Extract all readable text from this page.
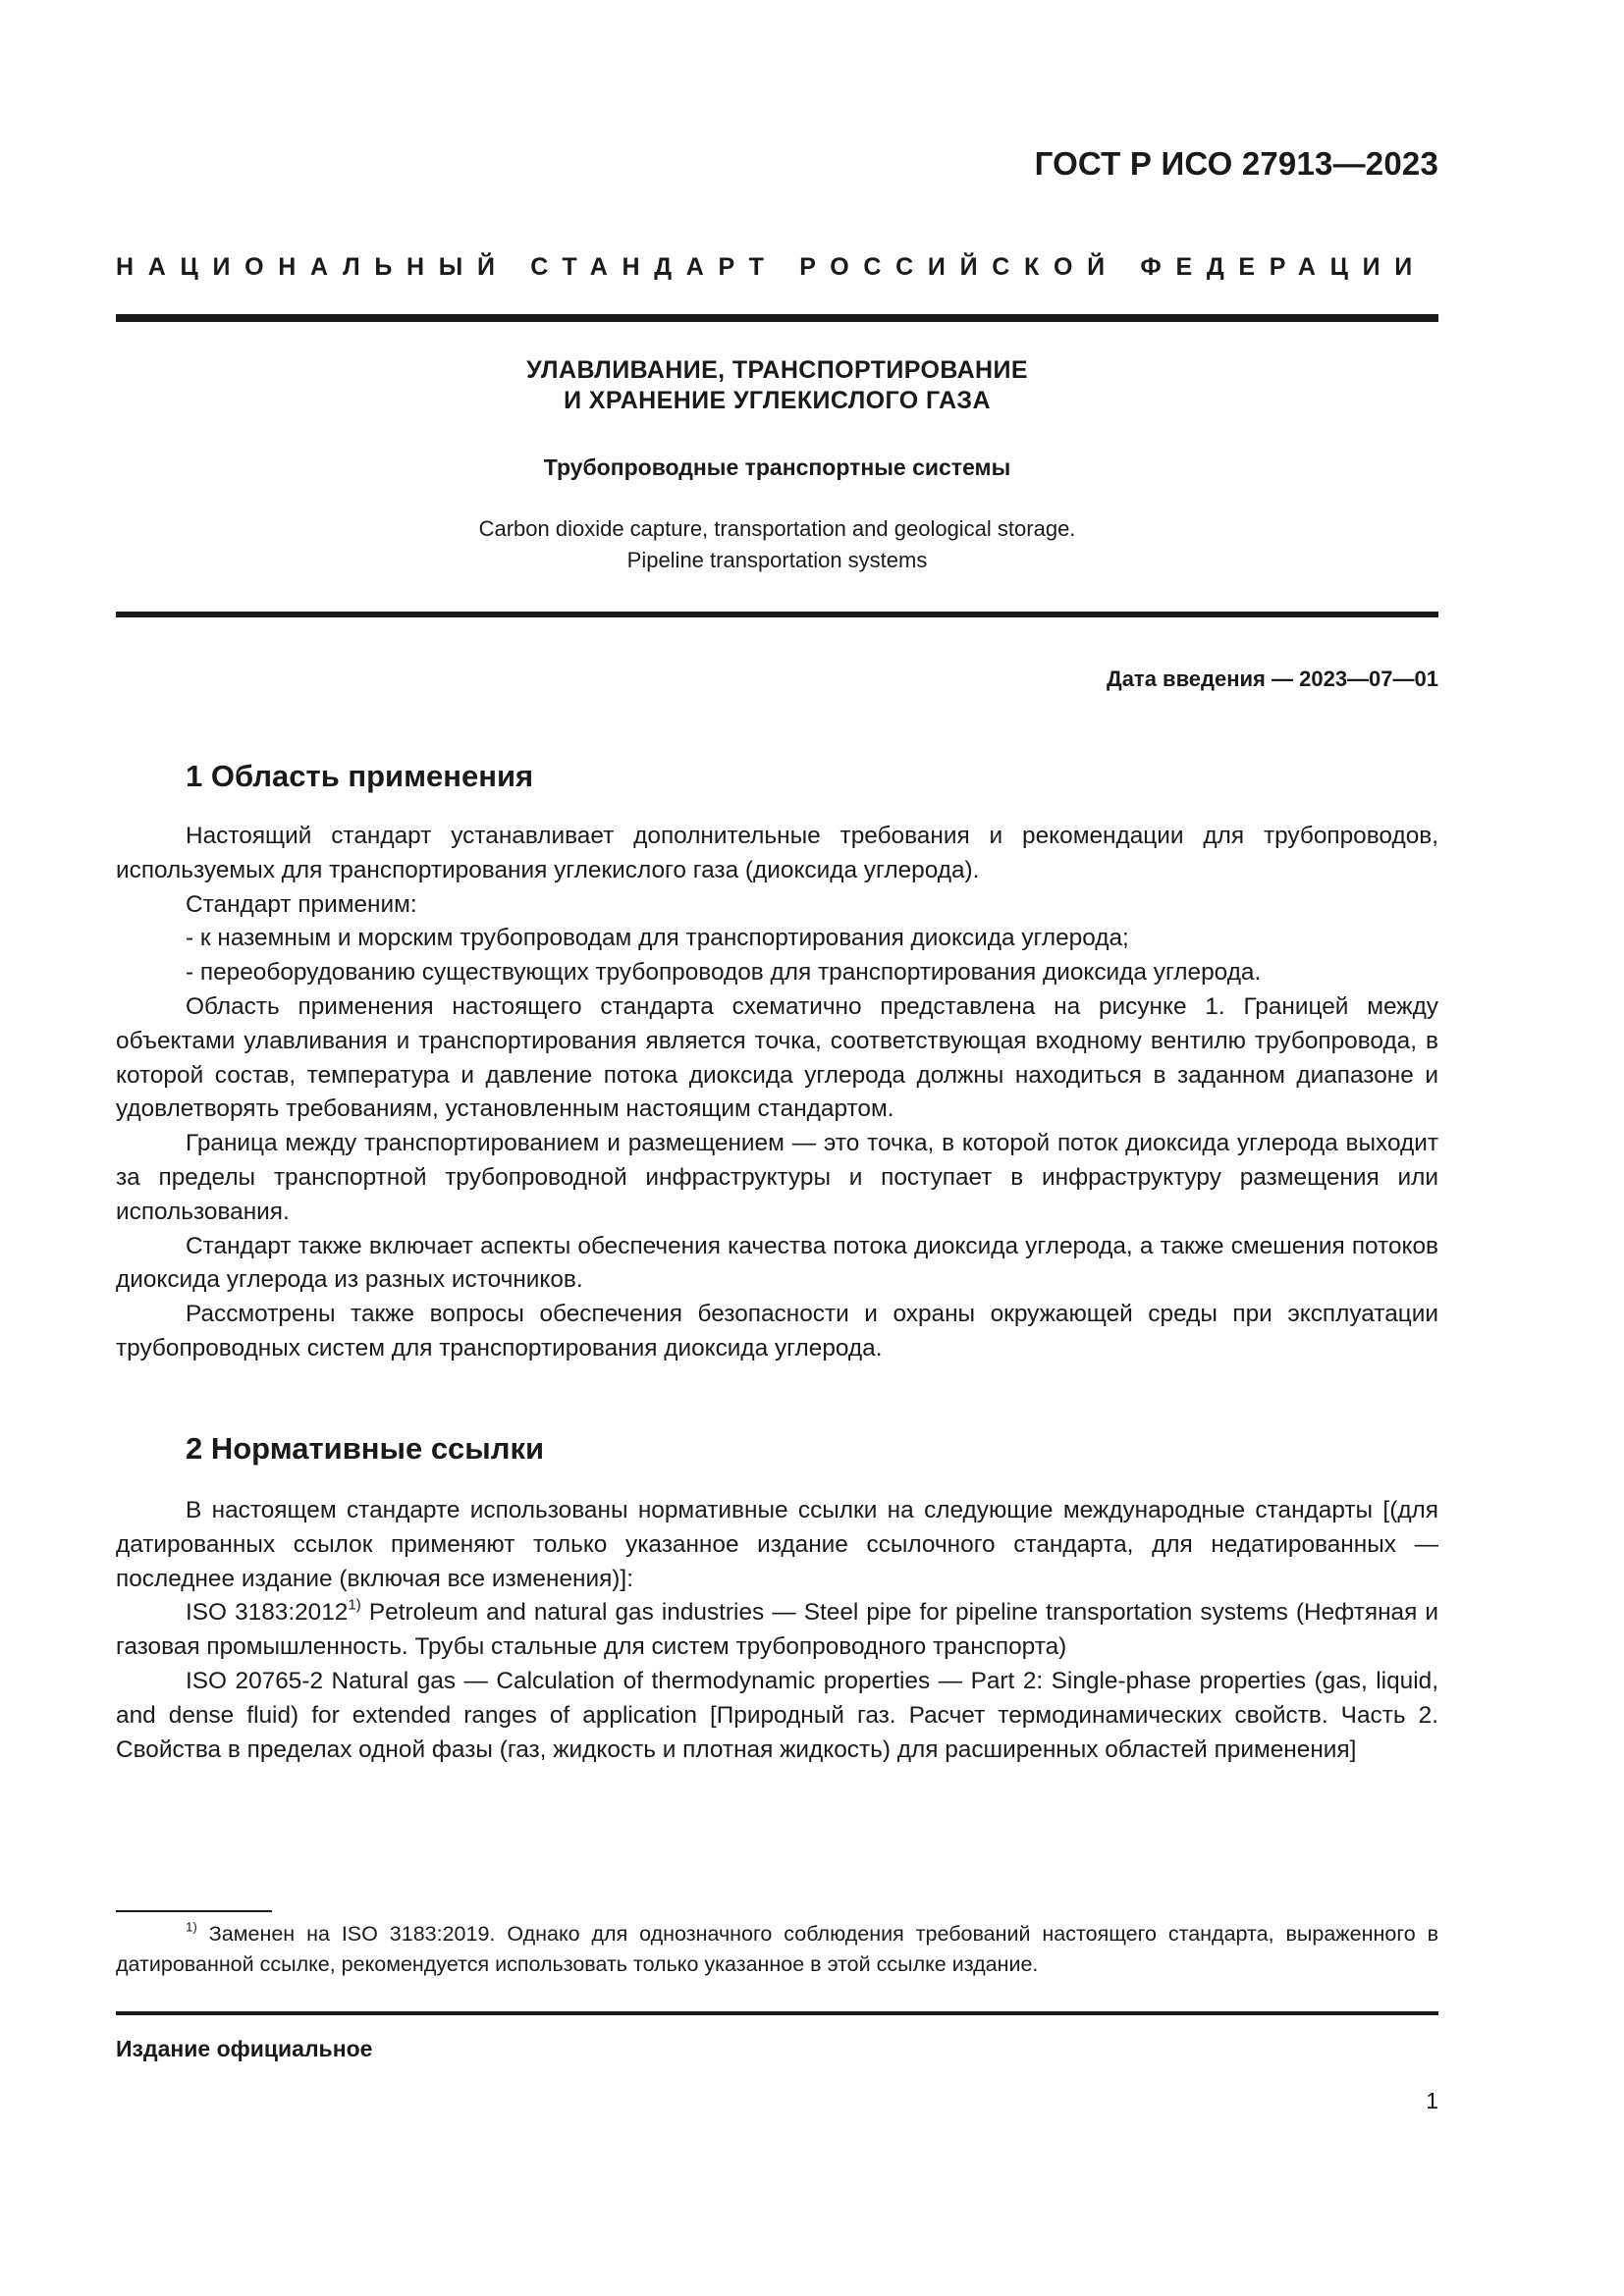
ГОСТ Р ИСО 27913—2023
НАЦИОНАЛЬНЫЙ СТАНДАРТ РОССИЙСКОЙ ФЕДЕРАЦИИ
УЛАВЛИВАНИЕ, ТРАНСПОРТИРОВАНИЕ
И ХРАНЕНИЕ УГЛЕКИСЛОГО ГАЗА
Трубопроводные транспортные системы
Carbon dioxide capture, transportation and geological storage.
Pipeline transportation systems
Дата введения — 2023—07—01
1 Область применения

Настоящий стандарт устанавливает дополнительные требования и рекомендации для трубопроводов, используемых для транспортирования углекислого газа (диоксида углерода).

Стандарт применим:

- к наземным и морским трубопроводам для транспортирования диоксида углерода;

- переоборудованию существующих трубопроводов для транспортирования диоксида углерода.

Область применения настоящего стандарта схематично представлена на рисунке 1. Границей между объектами улавливания и транспортирования является точка, соответствующая входному вентилю трубопровода, в которой состав, температура и давление потока диоксида углерода должны находиться в заданном диапазоне и удовлетворять требованиям, установленным настоящим стандартом.

Граница между транспортированием и размещением — это точка, в которой поток диоксида углерода выходит за пределы транспортной трубопроводной инфраструктуры и поступает в инфраструктуру размещения или использования.

Стандарт также включает аспекты обеспечения качества потока диоксида углерода, а также смешения потоков диоксида углерода из разных источников.

Рассмотрены также вопросы обеспечения безопасности и охраны окружающей среды при эксплуатации трубопроводных систем для транспортирования диоксида углерода.

2 Нормативные ссылки

В настоящем стандарте использованы нормативные ссылки на следующие международные стандарты [(для датированных ссылок применяют только указанное издание ссылочного стандарта, для недатированных — последнее издание (включая все изменения)]:

ISO 3183:2012$^{1)}$ Petroleum and natural gas industries — Steel pipe for pipeline transportation systems (Нефтяная и газовая промышленность. Трубы стальные для систем трубопроводного транспорта)

ISO 20765-2 Natural gas — Calculation of thermodynamic properties — Part 2: Single-phase properties (gas, liquid, and dense fluid) for extended ranges of application [Природный газ. Расчет термодинамических свойств. Часть 2. Свойства в пределах одной фазы (газ, жидкость и плотная жидкость) для расширенных областей применения]

$^{1)}$ Заменен на ISO 3183:2019. Однако для однозначного соблюдения требований настоящего стандарта, выраженного в датированной ссылке, рекомендуется использовать только указанное в этой ссылке издание.

Издание официальное
1
